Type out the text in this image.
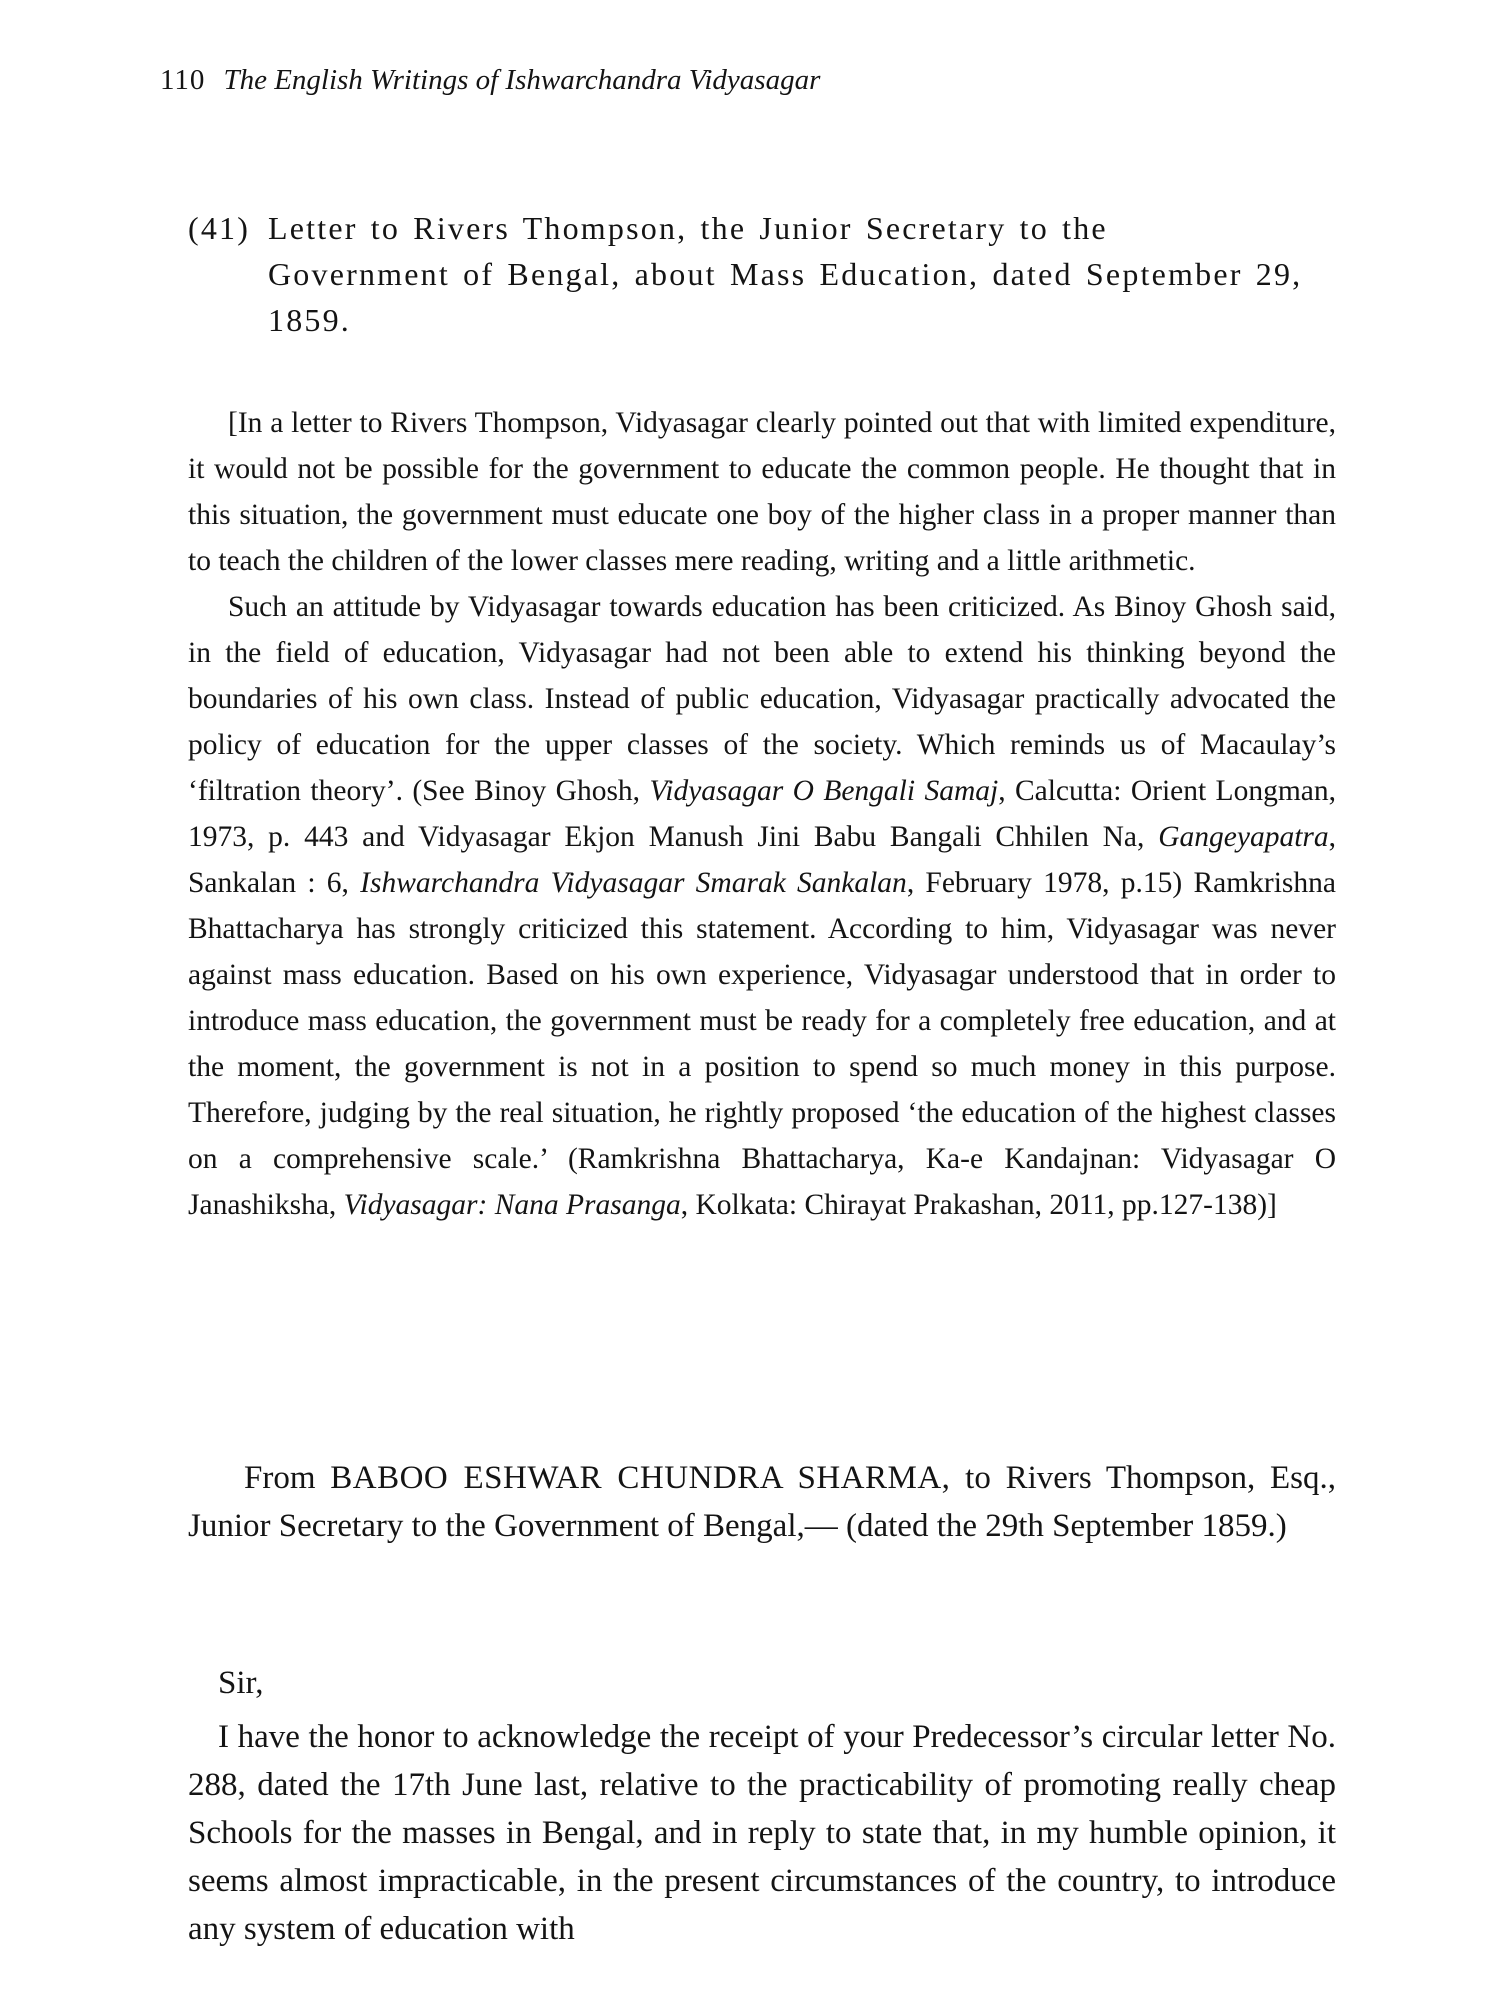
110 The English Writings of Ishwarchandra Vidyasagar
(41) Letter to Rivers Thompson, the Junior Secretary to the
Government of Bengal, about Mass Education, dated September 29, 1859.

[In a letter to Rivers Thompson, Vidyasagar clearly pointed out that with limited expenditure, it would not be possible for the government to educate the common people. He thought that in this situation, the government must educate one boy of the higher class in a proper manner than to teach the children of the lower classes mere reading, writing and a little arithmetic.

Such an attitude by Vidyasagar towards education has been criticized. As Binoy Ghosh said, in the field of education, Vidyasagar had not been able to extend his thinking beyond the boundaries of his own class. Instead of public education, Vidyasagar practically advocated the policy of education for the upper classes of the society. Which reminds us of Macaulay’s ‘filtration theory’. (See Binoy Ghosh, Vidyasagar O Bengali Samaj, Calcutta: Orient Longman, 1973, p. 443 and Vidyasagar Ekjon Manush Jini Babu Bangali Chhilen Na, Gangeyapatra, Sankalan : 6, Ishwarchandra Vidyasagar Smarak Sankalan, February 1978, p.15) Ramkrishna Bhattacharya has strongly criticized this statement. According to him, Vidyasagar was never against mass education. Based on his own experience, Vidyasagar understood that in order to introduce mass education, the government must be ready for a completely free education, and at the moment, the government is not in a position to spend so much money in this purpose. Therefore, judging by the real situation, he rightly proposed ‘the education of the highest classes on a comprehensive scale.’ (Ramkrishna Bhattacharya, Ka-e Kandajnan: Vidyasagar O Janashiksha, Vidyasagar: Nana Prasanga, Kolkata: Chirayat Prakashan, 2011, pp.127-138)]

From BABOO ESHWAR CHUNDRA SHARMA, to Rivers Thompson, Esq., Junior Secretary to the Government of Bengal,— (dated the 29th September 1859.)
Sir,

I have the honor to acknowledge the receipt of your Predecessor’s circular letter No. 288, dated the 17th June last, relative to the practicability of promoting really cheap Schools for the masses in Bengal, and in reply to state that, in my humble opinion, it seems almost impracticable, in the present circumstances of the country, to introduce any system of education with
